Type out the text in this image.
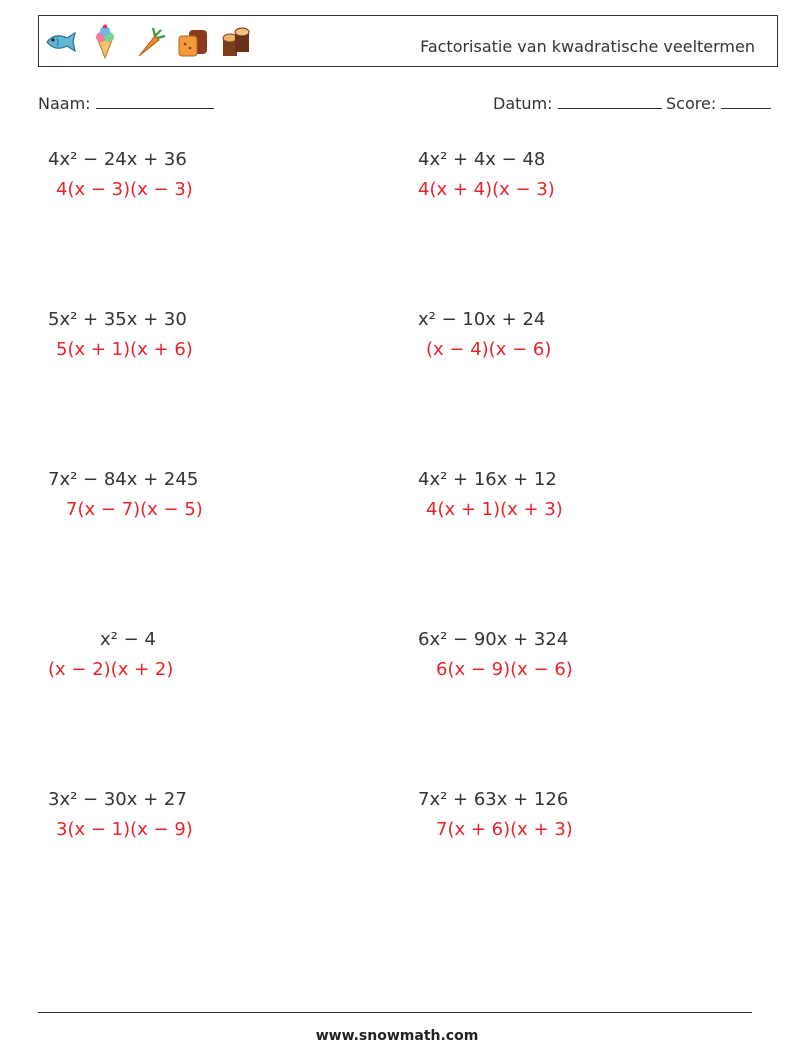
Factorisatie van kwadratische veeltermen
Naam:	Datum:	Score:
4x² − 24x + 36
4(x − 3)(x − 3)
4x² + 4x − 48
4(x + 4)(x − 3)
5x² + 35x + 30
5(x + 1)(x + 6)
x² − 10x + 24
(x − 4)(x − 6)
7x² − 84x + 245
7(x − 7)(x − 5)
4x² + 16x + 12
4(x + 1)(x + 3)
x² − 4
(x − 2)(x + 2)
6x² − 90x + 324
6(x − 9)(x − 6)
3x² − 30x + 27
3(x − 1)(x − 9)
7x² + 63x + 126
7(x + 6)(x + 3)
www.snowmath.com
